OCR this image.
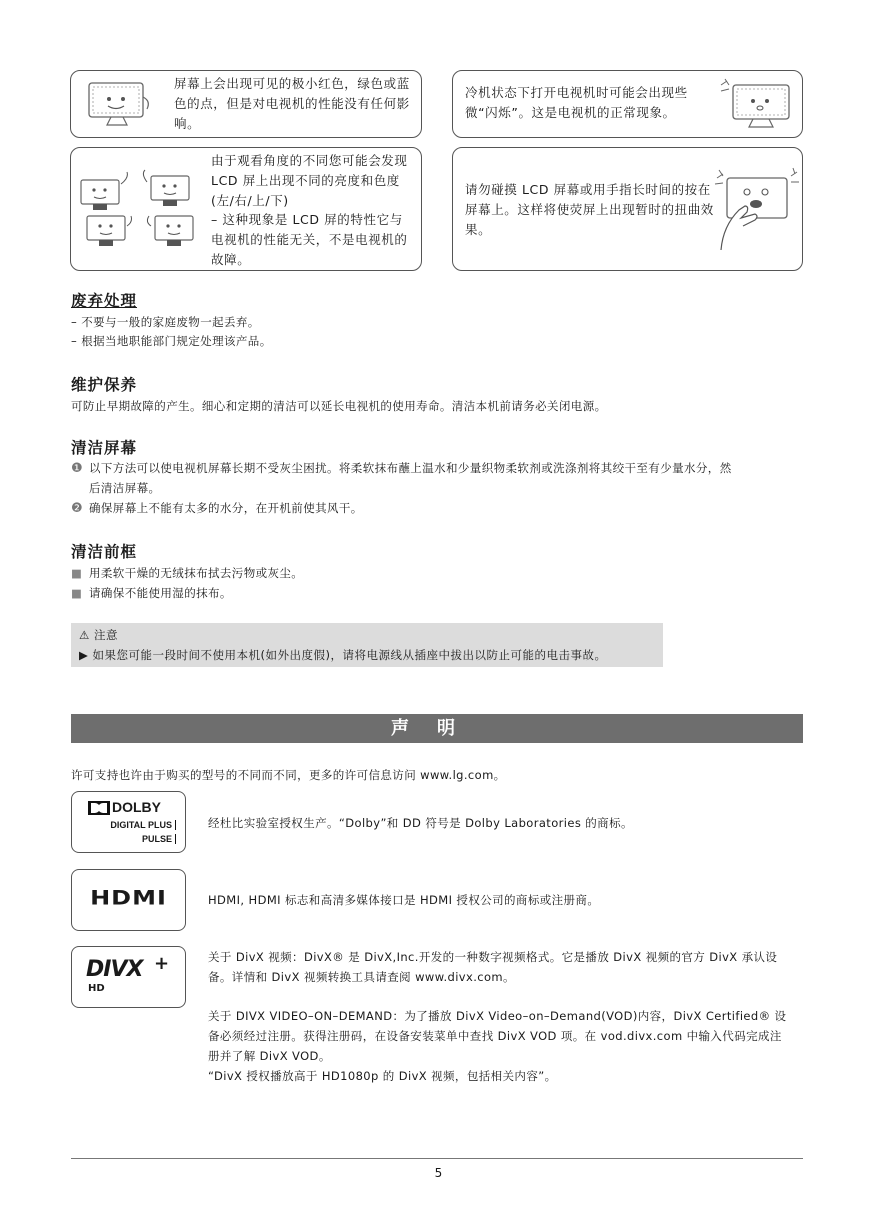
屏幕上会出现可见的极小红色，绿色或蓝色的点，但是对电视机的性能没有任何影响。
冷机状态下打开电视机时可能会出现些微“闪烁”。这是电视机的正常现象。
由于观看角度的不同您可能会发现 LCD 屏上出现不同的亮度和色度 (左/右/上/下)
– 这种现象是 LCD 屏的特性它与电视机的性能无关，不是电视机的故障。
请勿碰摸 LCD 屏幕或用手指长时间的按在屏幕上。这样将使荧屏上出现暂时的扭曲效果。
废弃处理
– 不要与一般的家庭废物一起丢弃。
– 根据当地职能部门规定处理该产品。
维护保养
可防止早期故障的产生。细心和定期的清洁可以延长电视机的使用寿命。清洁本机前请务必关闭电源。
清洁屏幕
❶ 以下方法可以使电视机屏幕长期不受灰尘困扰。将柔软抹布蘸上温水和少量织物柔软剂或洗涤剂将其绞干至有少量水分，然
后清洁屏幕。
❷ 确保屏幕上不能有太多的水分，在开机前使其风干。
清洁前框
■ 用柔软干燥的无绒抹布拭去污物或灰尘。
■ 请确保不能使用湿的抹布。
⚠ 注意
▶ 如果您可能一段时间不使用本机(如外出度假)，请将电源线从插座中拔出以防止可能的电击事故。
声明
许可支持也许由于购买的型号的不同而不同，更多的许可信息访问 www.lg.com。
DOLBY
DIGITAL PLUS
PULSE
经杜比实验室授权生产。“Dolby”和 DD 符号是 Dolby Laboratories 的商标。
HDMI	HDMI, HDMI 标志和高清多媒体接口是 HDMI 授权公司的商标或注册商。
DIVX +
HD
关于 DivX 视频：DivX® 是 DivX,Inc.开发的一种数字视频格式。它是播放 DivX 视频的官方 DivX 承认设
备。详情和 DivX 视频转换工具请查阅 www.divx.com。
关于 DIVX VIDEO–ON–DEMAND：为了播放 DivX Video–on–Demand(VOD)内容，DivX Certified® 设
备必须经过注册。获得注册码，在设备安装菜单中查找 DivX VOD 项。在 vod.divx.com 中输入代码完成注
册并了解 DivX VOD。
“DivX 授权播放高于 HD1080p 的 DivX 视频，包括相关内容”。
5
